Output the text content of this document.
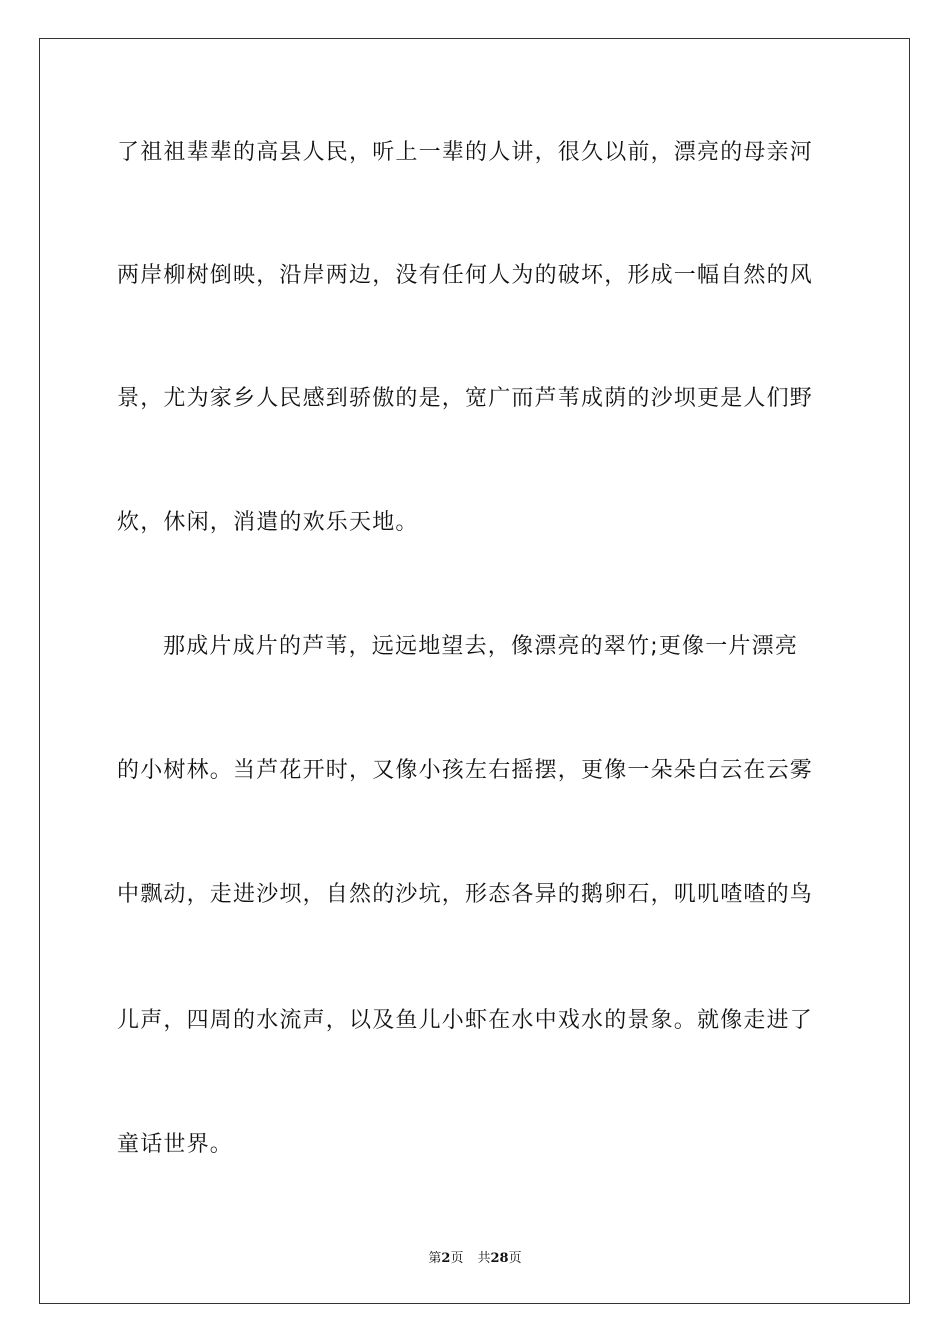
了祖祖辈辈的高县人民，听上一辈的人讲，很久以前，漂亮的母亲河
两岸柳树倒映，沿岸两边，没有任何人为的破坏，形成一幅自然的风
景，尤为家乡人民感到骄傲的是，宽广而芦苇成荫的沙坝更是人们野
炊，休闲，消遣的欢乐天地。
那成片成片的芦苇，远远地望去，像漂亮的翠竹;更像一片漂亮
的小树林。当芦花开时，又像小孩左右摇摆，更像一朵朵白云在云雾
中飘动，走进沙坝，自然的沙坑，形态各异的鹅卵石，叽叽喳喳的鸟
儿声，四周的水流声，以及鱼儿小虾在水中戏水的景象。就像走进了
童话世界。
第2页 共28页
